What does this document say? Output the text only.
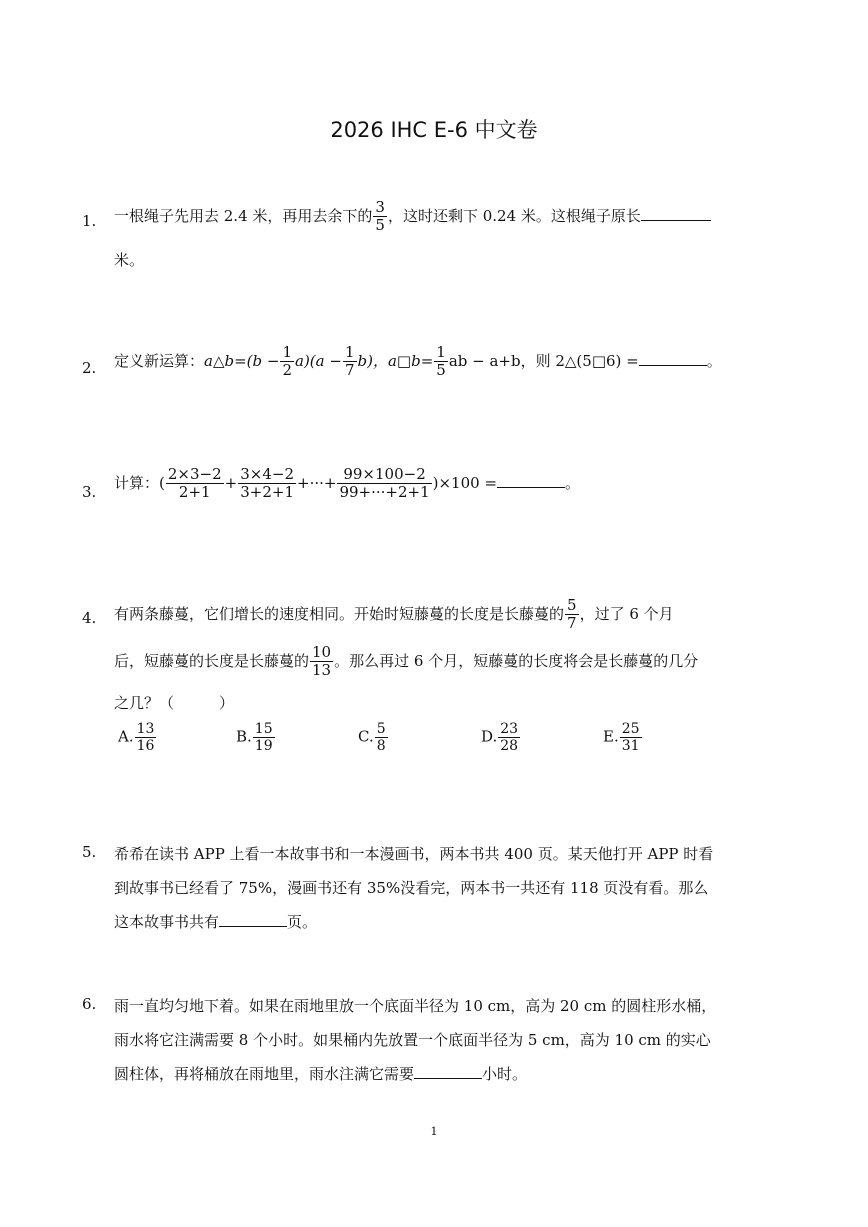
2026 IHC E-6 中文卷
1. 一根绳子先用去 2.4 米，再用去余下的 $\frac{3}{5}$ ，这时还剩下 0.24 米。这根绳子原长
米。
2. 定义新运算：a△b=(b − $\frac{1}{2} a)(a - \frac{1}{7} b)$，a□b= $\frac{1}{5}$ ab − a+b，则 2△(5□6) =	。
3.
计算：( $\frac{2\times 3-2}{2+1} + \frac{3\times 4-2}{3+2+1}$ +···+ $\frac{99\times 100-2}{99+\cdot\cdot\cdot+2+1} )\times 100$ =	。
4. 有两条藤蔓，它们增长的速度相同。开始时短藤蔓的长度是长藤蔓的 $\frac{5}{7}$ ，过了 6 个月
后，短藤蔓的长度是长藤蔓的 $\frac{10}{13}$ 。那么再过 6 个月，短藤蔓的长度将会是长藤蔓的几分
之几？（　　　）
A. $\frac{13}{16}$	B. $\frac{15}{19}$	C. $\frac{5}{8}$	D. $\frac{23}{28}$	E. $\frac{25}{31}$
5. 希希在读书 APP 上看一本故事书和一本漫画书，两本书共 400 页。某天他打开 APP 时看
到故事书已经看了 75%，漫画书还有 35%没看完，两本书一共还有 118 页没有看。那么
这本故事书共有	页。
6. 雨一直均匀地下着。如果在雨地里放一个底面半径为 10 cm，高为 20 cm 的圆柱形水桶，
雨水将它注满需要 8 个小时。如果桶内先放置一个底面半径为 5 cm，高为 10 cm 的实心
圆柱体，再将桶放在雨地里，雨水注满它需要	小时。
1
